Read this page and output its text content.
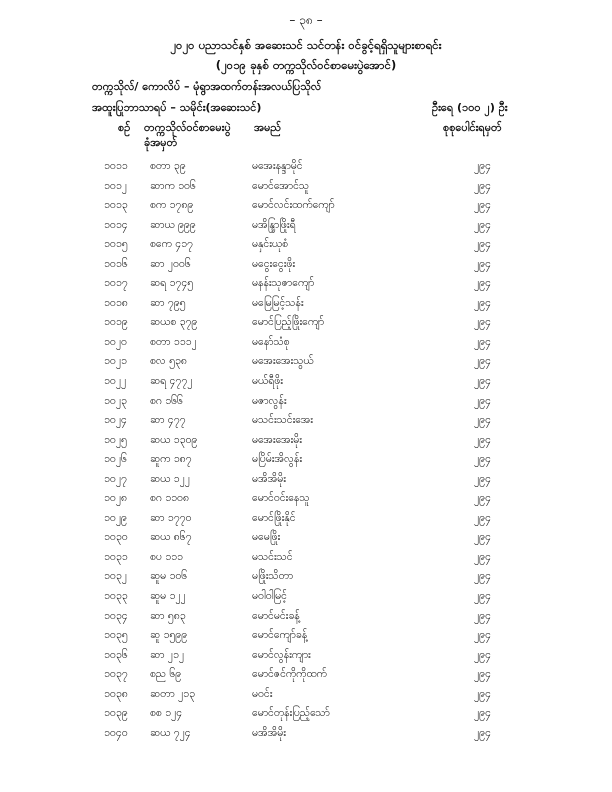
– ၃၈ –
၂၀၂၀ ပညာသင်နှစ် အဆေးသင် သင်တန်း ဝင်ခွင့်ရရှိသူများစာရင်း
(၂၀၁၉ ခုနှစ် တက္ကသိုလ်ဝင်စာမေးပွဲအောင်)
တက္ကသိုလ်/ ကောလိပ် – မုံရွာအထက်တန်းအလယ်ပြသိုလ်
အထူးပြုဘာသာရပ် – သမိုင်း(အဆေးသင်)	ဦးရေ (၁၀၀ ၂) ဦး
စဉ် တက္ကသိုလ်ဝင်စာမေးပွဲ
ခုံအမှတ်
အမည်	စုစုပေါင်းရမှတ်
၁၀၁၁ စတာ ၃၉	မအေးနန္ဒာမိုင်	၂၉၄
၁၀၁၂ ဆာက ၁၀၆	မောင်အောင်သူ	၂၉၄
၁၀၁၃ စက ၁၇၈၉	မောင်လင်းထက်ကျော်	၂၉၄
၁၀၁၄ ဆာယ ၉၉၉	မအိန္ဒြာဖြိုးရီ	၂၉၄
၁၀၁၅ စကေ ၄၁၇	မနှင်းယုစံ	၂၉၄
၁၀၁၆ ဆာ ၂၀၀၆	မငွေးငွေးဖိုး	၂၉၄
၁၀၁၇ ဆရ ၁၇၄၅	မနန်းသုဇာကျော်	၂၉၄
၁၀၁၈ ဆာ ၇၉၅	မမြေမြင့်သန်း	၂၉၄
၁၀၁၉ ဆယစ ၃၇၉	မောင်ပြည့်ဖြိုးကျော်	၂၉၄
၁၀၂၀ စတာ ၁၁၁၂	မနော်သံစု	၂၉၄
၁၀၂၁ စလ ၅၃၈	မအေးအေးသွယ်	၂၉၄
၁၀၂၂ ဆရ ၄၇၇၂	မယ်ရီဖိုး	၂၉၄
၁၀၂၃ စဂ ၁၆၆	မဇာလွန်း	၂၉၄
၁၀၂၄ ဆာ ၄၇၇	မသင်းသင်းအေး	၂၉၄
၁၀၂၅ ဆယ ၁၃၀၉	မအေးအေးမိုး	၂၉၄
၁၀၂၆ ဆူက ၁၈၇	မပြိမ်းအိလွန်း	၂၉၄
၁၀၂၇ ဆယ ၁၂၂	မအိအိမိုး	၂၉၄
၁၀၂၈ စဂ ၁၁၀၈	မောင်ဝင်းနေသူ	၂၉၄
၁၀၂၉ ဆာ ၁၇၇၀	မောင်ဖြိုးနိုင်	၂၉၄
၁၀၃၀ ဆယ ၈၆၇	မမေဖြိုး	၂၉၄
၁၀၃၁ စပ ၁၁၁	မသင်းသင်	၂၉၄
၁၀၃၂ ဆူမ ၁၀၆	မဖြိုးသိတာ	၂၉၄
၁၀၃၃ ဆူမ ၁၂၂	မဝါဝါမြင့်	၂၉၄
၁၀၃၄ ဆာ ၅၈၃	မောင်မင်းခန့်	၂၉၄
၁၀၃၅ ဆူ ၁၅၉၉	မောင်ကျော်ခန့်	၂၉၄
၁၀၃၆ ဆာ ၂၁၂	မောင်လွန်းကျား	၂၉၄
၁၀၃၇ စည ၆၉	မောင်ဇင်ကိုကိုထက်	၂၉၄
၁၀၃၈ ဆတာ ၂၁၃	မဝင်း	၂၉၄
၁၀၃၉ စစ ၁၂၄	မောင်တုန်းပြည့်သော်	၂၉၄
၁၀၄၀ ဆယ ၇၂၄	မအိအိမိုး	၂၉၄
